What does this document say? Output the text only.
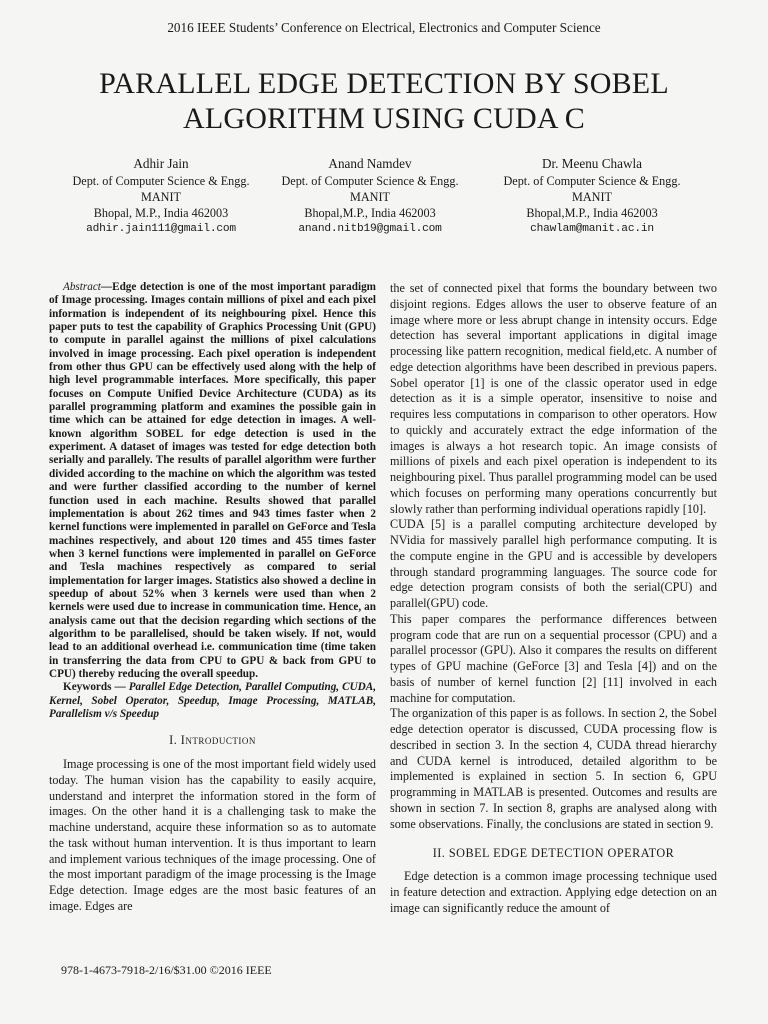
2016 IEEE Students’ Conference on Electrical, Electronics and Computer Science
PARALLEL EDGE DETECTION BY SOBEL ALGORITHM USING CUDA C
Adhir Jain
Dept. of Computer Science & Engg.
MANIT
Bhopal, M.P., India 462003
adhir.jain111@gmail.com
Anand Namdev
Dept. of Computer Science & Engg.
MANIT
Bhopal,M.P., India 462003
anand.nitb19@gmail.com
Dr. Meenu Chawla
Dept. of Computer Science & Engg.
MANIT
Bhopal,M.P., India 462003
chawlam@manit.ac.in

Abstract—Edge detection is one of the most important paradigm of Image processing. Images contain millions of pixel and each pixel information is independent of its neighbouring pixel. Hence this paper puts to test the capability of Graphics Processing Unit (GPU) to compute in parallel against the millions of pixel calculations involved in image processing. Each pixel operation is independent from other thus GPU can be effectively used along with the help of high level programmable interfaces. More specifically, this paper focuses on Compute Unified Device Architecture (CUDA) as its parallel programming platform and examines the possible gain in time which can be attained for edge detection in images. A well-known algorithm SOBEL for edge detection is used in the experiment. A dataset of images was tested for edge detection both serially and parallely. The results of parallel algorithm were further divided according to the machine on which the algorithm was tested and were further classified according to the number of kernel function used in each machine. Results showed that parallel implementation is about 262 times and 943 times faster when 2 kernel functions were implemented in parallel on GeForce and Tesla machines respectively, and about 120 times and 455 times faster when 3 kernel functions were implemented in parallel on GeForce and Tesla machines respectively as compared to serial implementation for larger images. Statistics also showed a decline in speedup of about 52% when 3 kernels were used than when 2 kernels were used due to increase in communication time. Hence, an analysis came out that the decision regarding which sections of the algorithm to be parallelised, should be taken wisely. If not, would lead to an additional overhead i.e. communication time (time taken in transferring the data from CPU to GPU & back from GPU to CPU) thereby reducing the overall speedup.

Keywords — Parallel Edge Detection, Parallel Computing, CUDA, Kernel, Sobel Operator, Speedup, Image Processing, MATLAB, Parallelism v/s Speedup

I. Introduction

Image processing is one of the most important field widely used today. The human vision has the capability to easily acquire, understand and interpret the information stored in the form of images. On the other hand it is a challenging task to make the machine understand, acquire these information so as to automate the task without human intervention. It is thus important to learn and implement various techniques of the image processing. One of the most important paradigm of the image processing is the Image Edge detection. Image edges are the most basic features of an image. Edges are

the set of connected pixel that forms the boundary between two disjoint regions. Edges allows the user to observe feature of an image where more or less abrupt change in intensity occurs. Edge detection has several important applications in digital image processing like pattern recognition, medical field,etc. A number of edge detection algorithms have been described in previous papers. Sobel operator [1] is one of the classic operator used in edge detection as it is a simple operator, insensitive to noise and requires less computations in comparison to other operators. How to quickly and accurately extract the edge information of the images is always a hot research topic. An image consists of millions of pixels and each pixel operation is independent to its neighbouring pixel. Thus parallel programming model can be used which focuses on performing many operations concurrently but slowly rather than performing individual operations rapidly [10].

CUDA [5] is a parallel computing architecture developed by NVidia for massively parallel high performance computing. It is the compute engine in the GPU and is accessible by developers through standard programming languages. The source code for edge detection program consists of both the serial(CPU) and parallel(GPU) code.

This paper compares the performance differences between program code that are run on a sequential processor (CPU) and a parallel processor (GPU). Also it compares the results on different types of GPU machine (GeForce [3] and Tesla [4]) and on the basis of number of kernel function [2] [11] involved in each machine for computation.

The organization of this paper is as follows. In section 2, the Sobel edge detection operator is discussed, CUDA processing flow is described in section 3. In the section 4, CUDA thread hierarchy and CUDA kernel is introduced, detailed algorithm to be implemented is explained in section 5. In section 6, GPU programming in MATLAB is presented. Outcomes and results are shown in section 7. In section 8, graphs are analysed along with some observations. Finally, the conclusions are stated in section 9.

II. SOBEL EDGE DETECTION OPERATOR

Edge detection is a common image processing technique used in feature detection and extraction. Applying edge detection on an image can significantly reduce the amount of

978-1-4673-7918-2/16/$31.00 ©2016 IEEE
